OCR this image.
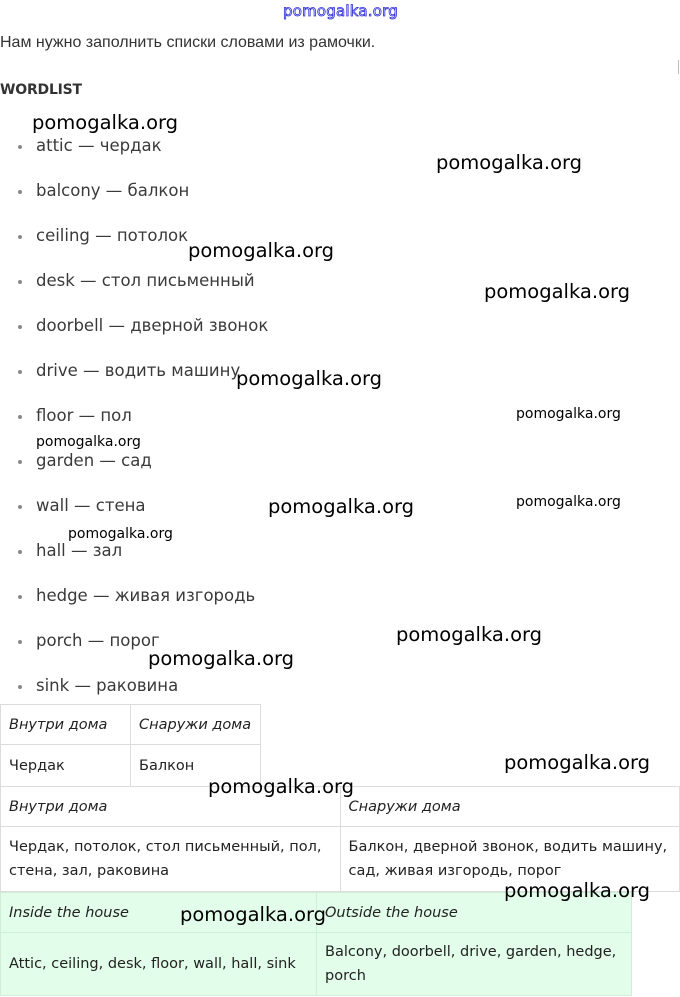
pomogalka.org
Нам нужно заполнить списки словами из рамочки.
WORDLIST
attic — чердак
balcony — балкон
ceiling — потолок
desk — стол письменный
doorbell — дверной звонок
drive — водить машину
floor — пол
garden — сад
wall — стена
hall — зал
hedge — живая изгородь
porch — порог
sink — раковина
Внутри дома	Снаружи дома
Чердак	Балкон
Внутри дома	Снаружи дома
Чердак, потолок, стол письменный, пол, стена, зал, раковина	Балкон, дверной звонок, водить машину, сад, живая изгородь, порог
Inside the house	Outside the house
Attic, ceiling, desk, floor, wall, hall, sink	Balcony, doorbell, drive, garden, hedge, porch
pomogalka.org
pomogalka.org
pomogalka.org
pomogalka.org
pomogalka.org
pomogalka.org
pomogalka.org
pomogalka.org	pomogalka.org
pomogalka.org
pomogalka.org
pomogalka.org
pomogalka.org
pomogalka.org
pomogalka.org
pomogalka.org
